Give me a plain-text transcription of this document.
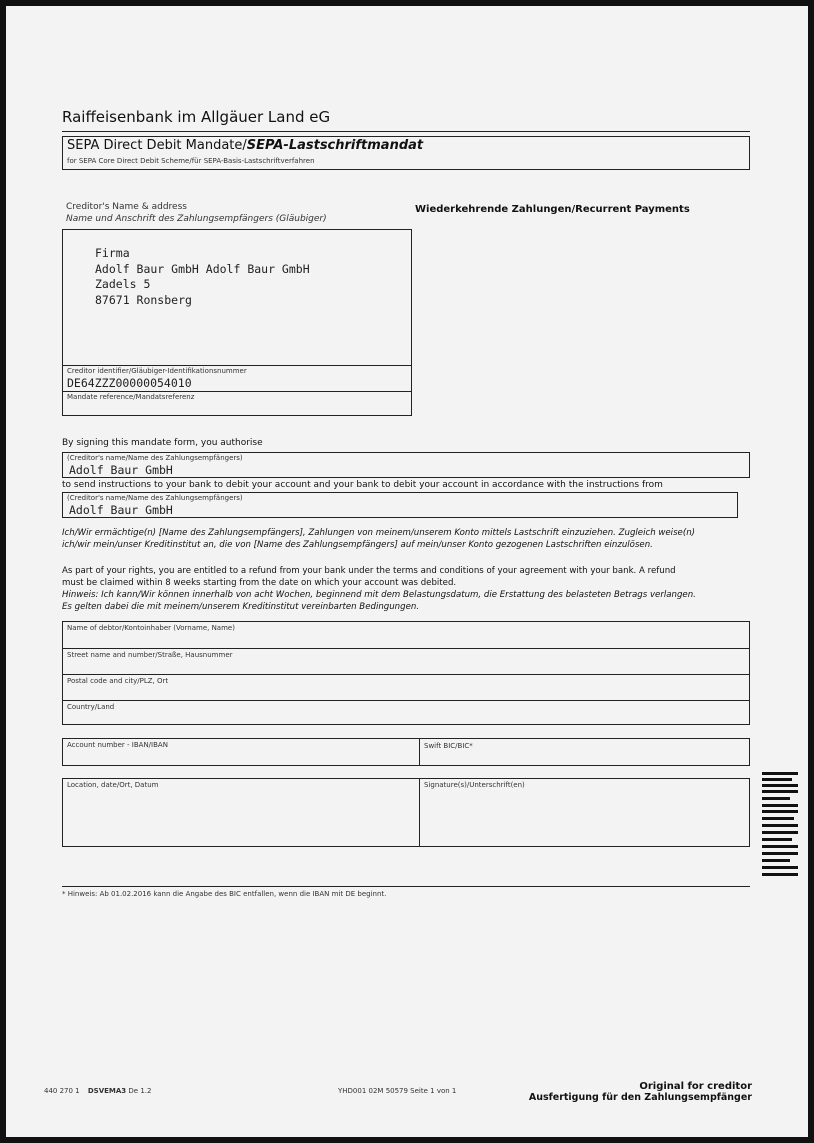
Raiffeisenbank im Allgäuer Land eG
SEPA Direct Debit Mandate/SEPA-Lastschriftmandat
for SEPA Core Direct Debit Scheme/für SEPA-Basis-Lastschriftverfahren
Creditor's Name & address
Name und Anschrift des Zahlungsempfängers (Gläubiger)
Wiederkehrende Zahlungen/Recurrent Payments
Firma
Adolf Baur GmbH Adolf Baur GmbH
Zadels 5
87671 Ronsberg
Creditor identifier/Gläubiger-Identifikationsnummer
DE64ZZZ00000054010
Mandate reference/Mandatsreferenz
By signing this mandate form, you authorise
(Creditor's name/Name des Zahlungsempfängers)
Adolf Baur GmbH
to send instructions to your bank to debit your account and your bank to debit your account in accordance with the instructions from
(Creditor's name/Name des Zahlungsempfängers)
Adolf Baur GmbH
Ich/Wir ermächtige(n) [Name des Zahlungsempfängers], Zahlungen von meinem/unserem Konto mittels Lastschrift einzuziehen. Zugleich weise(n)
ich/wir mein/unser Kreditinstitut an, die von [Name des Zahlungsempfängers] auf mein/unser Konto gezogenen Lastschriften einzulösen.
As part of your rights, you are entitled to a refund from your bank under the terms and conditions of your agreement with your bank. A refund
must be claimed within 8 weeks starting from the date on which your account was debited.
Hinweis: Ich kann/Wir können innerhalb von acht Wochen, beginnend mit dem Belastungsdatum, die Erstattung des belasteten Betrags verlangen.
Es gelten dabei die mit meinem/unserem Kreditinstitut vereinbarten Bedingungen.
Name of debtor/Kontoinhaber (Vorname, Name)
Street name and number/Straße, Hausnummer
Postal code and city/PLZ, Ort
Country/Land
Account number - IBAN/IBAN	Swift BIC/BIC*
Location, date/Ort, Datum	Signature(s)/Unterschrift(en)
* Hinweis: Ab 01.02.2016 kann die Angabe des BIC entfallen, wenn die IBAN mit DE beginnt.
440 270 1 DSVEMA3 De 1.2	YHD001 02M 50579 Seite 1 von 1	Original for creditor
Ausfertigung für den Zahlungsempfänger
